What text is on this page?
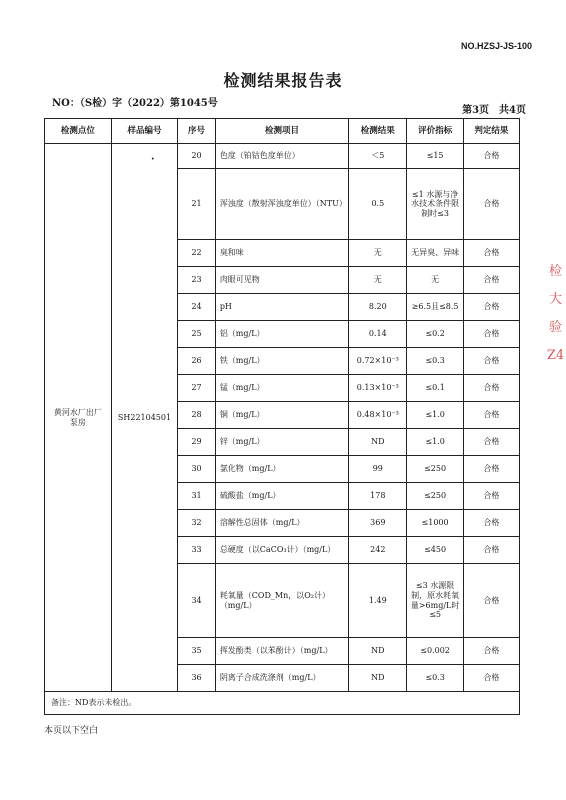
NO.HZSJ-JS-100
检测结果报告表
NO：（S检）字（2022）第1045号
第3页　共4页
·
检测点位	样品编号	序号	检测项目	检测结果	评价指标	判定结果
黄河水厂出厂泵房	SH22104501	20	色度（铂钴色度单位）	＜5	≤15	合格
		21	浑浊度（散射浑浊度单位）（NTU）	0.5	≤1 水源与净水技术条件限制时≤3	合格
		22	臭和味	无	无异臭、异味	合格
		23	肉眼可见物	无	无	合格
		24	pH	8.20	≥6.5且≤8.5	合格
		25	铝（mg/L）	0.14	≤0.2	合格
		26	铁（mg/L）	0.72×10⁻³	≤0.3	合格
		27	锰（mg/L）	0.13×10⁻³	≤0.1	合格
		28	铜（mg/L）	0.48×10⁻³	≤1.0	合格
		29	锌（mg/L）	ND	≤1.0	合格
		30	氯化物（mg/L）	99	≤250	合格
		31	硫酸盐（mg/L）	178	≤250	合格
		32	溶解性总固体（mg/L）	369	≤1000	合格
		33	总硬度（以CaCO₃计）（mg/L）	242	≤450	合格
		34	耗氧量（COD_Mn，以O₂计）（mg/L）	1.49	≤3 水源限制，原水耗氧量>6mg/L时≤5	合格
		35	挥发酚类（以苯酚计）（mg/L）	ND	≤0.002	合格
		36	阴离子合成洗涤剂（mg/L）	ND	≤0.3	合格
备注：ND表示未检出。						
本页以下空白
检 大 验 Z4
